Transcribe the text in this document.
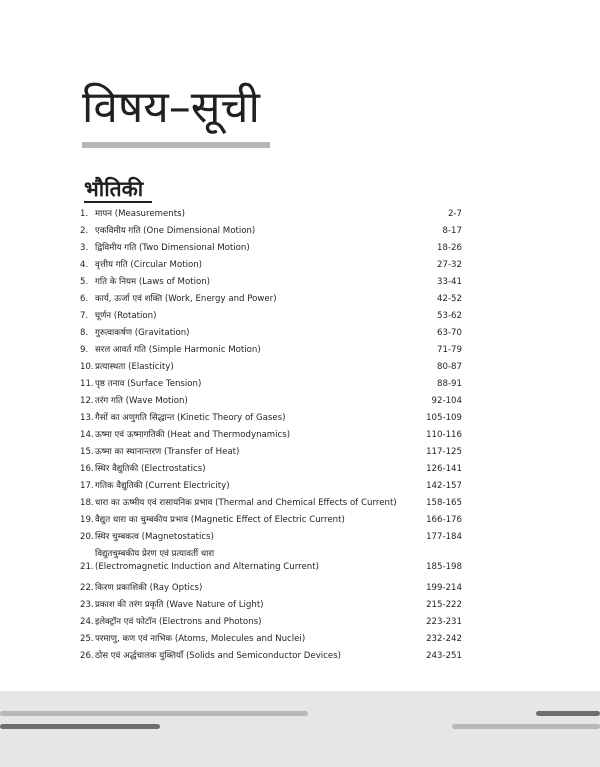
विषय–सूची
भौतिकी
1. मापन (Measurements)	2-7
2. एकविमीय गति (One Dimensional Motion)	8-17
3. द्विविमीय गति (Two Dimensional Motion)	18-26
4. वृत्तीय गति (Circular Motion)	27-32
5. गति के नियम (Laws of Motion)	33-41
6. कार्य, ऊर्जा एवं शक्ति (Work, Energy and Power)	42-52
7. घूर्णन (Rotation)	53-62
8. गुरुत्वाकर्षण (Gravitation)	63-70
9. सरल आवर्त गति (Simple Harmonic Motion)	71-79
10. प्रत्यास्थता (Elasticity)	80-87
11. पृष्ठ तनाव (Surface Tension)	88-91
12. तरंग गति (Wave Motion)	92-104
13. गैसों का अणुगति सिद्धान्त (Kinetic Theory of Gases)	105-109
14. ऊष्मा एवं ऊष्मागतिकी (Heat and Thermodynamics)	110-116
15. ऊष्मा का स्थानान्तरण (Transfer of Heat)	117-125
16. स्थिर वैद्युतिकी (Electrostatics)	126-141
17. गतिक वैद्युतिकी (Current Electricity)	142-157
18. धारा का ऊष्मीय एवं रासायनिक प्रभाव (Thermal and Chemical Effects of Current)	158-165
19. वैद्युत धारा का चुम्बकीय प्रभाव (Magnetic Effect of Electric Current)	166-176
20. स्थिर चुम्बकत्व (Magnetostatics)	177-184
21.
विद्युतचुम्बकीय प्रेरण एवं प्रत्यावर्ती धारा
(Electromagnetic Induction and Alternating Current)	185-198
22. किरण प्रकाशिकी (Ray Optics)	199-214
23. प्रकाश की तरंग प्रकृति (Wave Nature of Light)	215-222
24. इलेक्ट्रॉन एवं फोटॉन (Electrons and Photons)	223-231
25. परमाणु, कण एवं नाभिक (Atoms, Molecules and Nuclei)	232-242
26. ठोस एवं अर्द्धचालक युक्तियाँ (Solids and Semiconductor Devices)	243-251
